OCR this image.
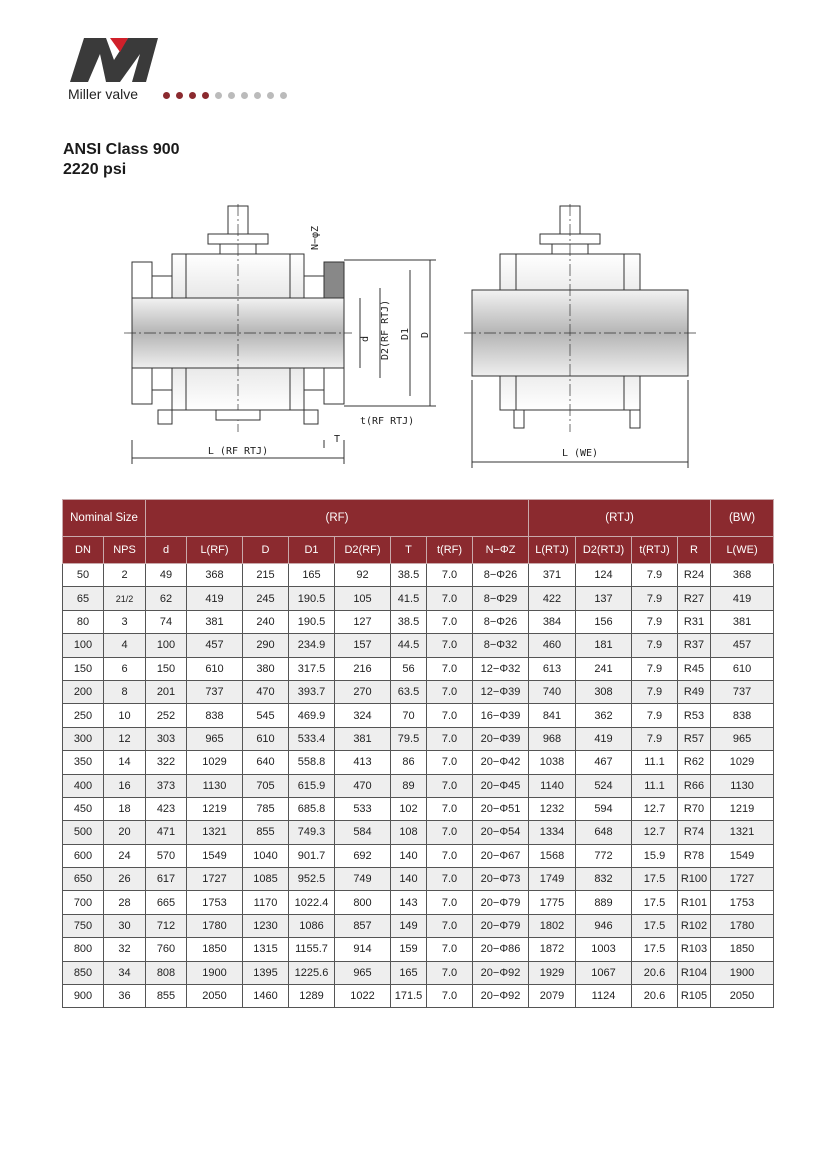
Miller valve
ANSI Class 900
2220 psi
L (RF RTJ)
N−φZ
d D2(RF RTJ) D1 D
t(RF RTJ)
T
L (WE)
Nominal Size		(RF)								(RTJ)				(BW)
DN	NPS	d	L(RF)	D	D1	D2(RF)	T	t(RF)	N−ΦZ	L(RTJ)	D2(RTJ)	t(RTJ)	R	L(WE)
50	2	49	368	215	165	92	38.5	7.0	8−Φ26	371	124	7.9	R24	368
65	21/2	62	419	245	190.5	105	41.5	7.0	8−Φ29	422	137	7.9	R27	419
80	3	74	381	240	190.5	127	38.5	7.0	8−Φ26	384	156	7.9	R31	381
100	4	100	457	290	234.9	157	44.5	7.0	8−Φ32	460	181	7.9	R37	457
150	6	150	610	380	317.5	216	56	7.0	12−Φ32	613	241	7.9	R45	610
200	8	201	737	470	393.7	270	63.5	7.0	12−Φ39	740	308	7.9	R49	737
250	10	252	838	545	469.9	324	70	7.0	16−Φ39	841	362	7.9	R53	838
300	12	303	965	610	533.4	381	79.5	7.0	20−Φ39	968	419	7.9	R57	965
350	14	322	1029	640	558.8	413	86	7.0	20−Φ42	1038	467	11.1	R62	1029
400	16	373	1130	705	615.9	470	89	7.0	20−Φ45	1140	524	11.1	R66	1130
450	18	423	1219	785	685.8	533	102	7.0	20−Φ51	1232	594	12.7	R70	1219
500	20	471	1321	855	749.3	584	108	7.0	20−Φ54	1334	648	12.7	R74	1321
600	24	570	1549	1040	901.7	692	140	7.0	20−Φ67	1568	772	15.9	R78	1549
650	26	617	1727	1085	952.5	749	140	7.0	20−Φ73	1749	832	17.5	R100	1727
700	28	665	1753	1170	1022.4	800	143	7.0	20−Φ79	1775	889	17.5	R101	1753
750	30	712	1780	1230	1086	857	149	7.0	20−Φ79	1802	946	17.5	R102	1780
800	32	760	1850	1315	1155.7	914	159	7.0	20−Φ86	1872	1003	17.5	R103	1850
850	34	808	1900	1395	1225.6	965	165	7.0	20−Φ92	1929	1067	20.6	R104	1900
900	36	855	2050	1460	1289	1022	171.5	7.0	20−Φ92	2079	1124	20.6	R105	2050
